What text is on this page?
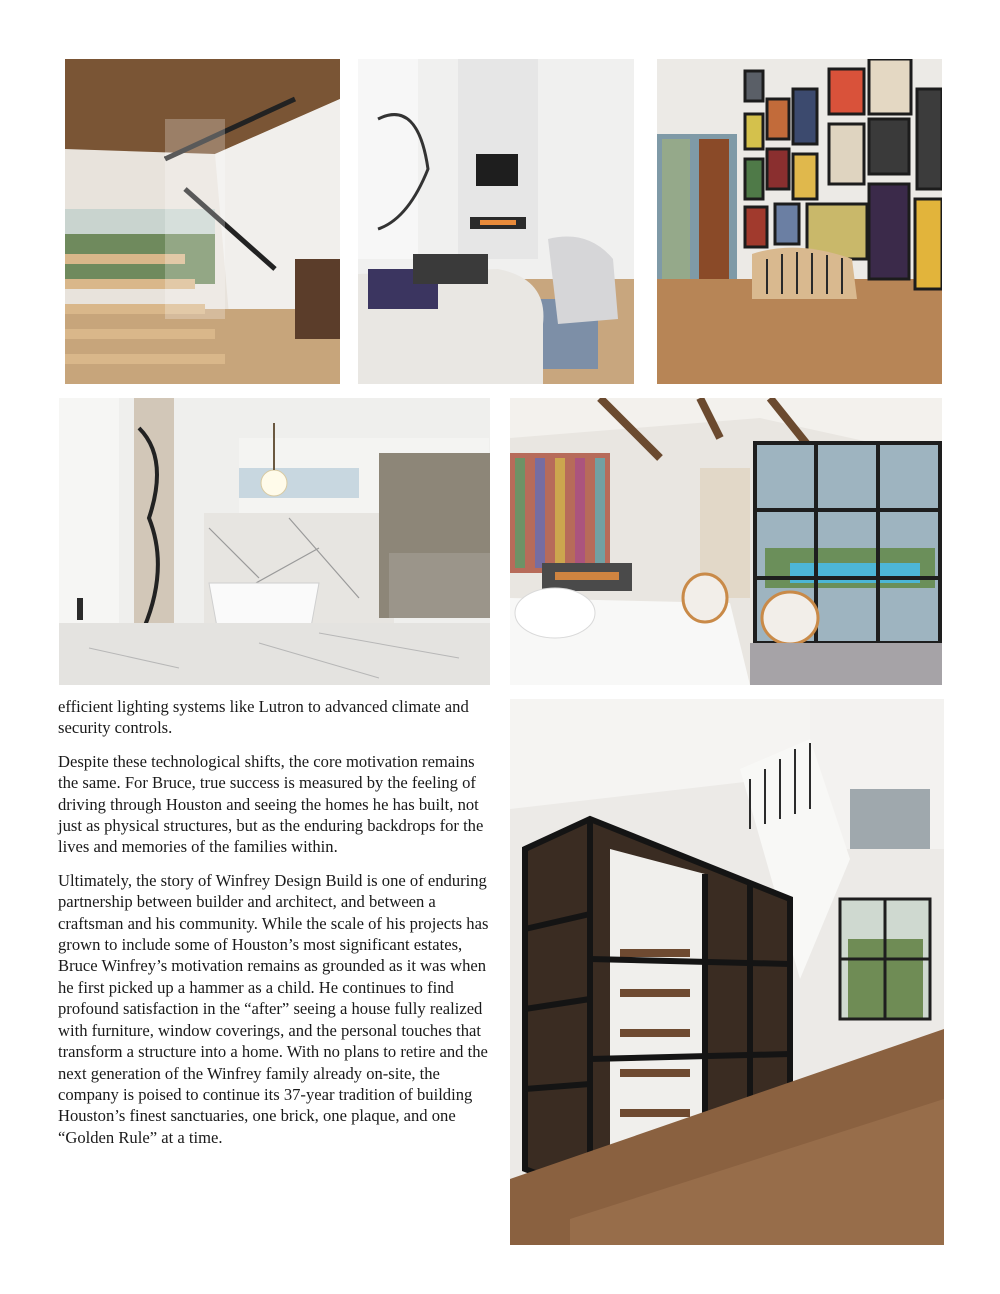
efficient lighting systems like Lutron to advanced climate and security controls.

Despite these technological shifts, the core motivation remains the same. For Bruce, true success is measured by the feeling of driving through Houston and seeing the homes he has built, not just as physical structures, but as the enduring backdrops for the lives and memories of the families within.

Ultimately, the story of Winfrey Design Build is one of enduring partnership between builder and architect, and between a craftsman and his community. While the scale of his projects has grown to include some of Houston’s most significant estates, Bruce Winfrey’s motivation remains as grounded as it was when he first picked up a hammer as a child. He continues to find profound satisfaction in the “after” seeing a house fully realized with furniture, window coverings, and the personal touches that transform a structure into a home. With no plans to retire and the next generation of the Winfrey family already on-site, the company is poised to continue its 37-year tradition of building Houston’s finest sanctuaries, one brick, one plaque, and one “Golden Rule” at a time.
